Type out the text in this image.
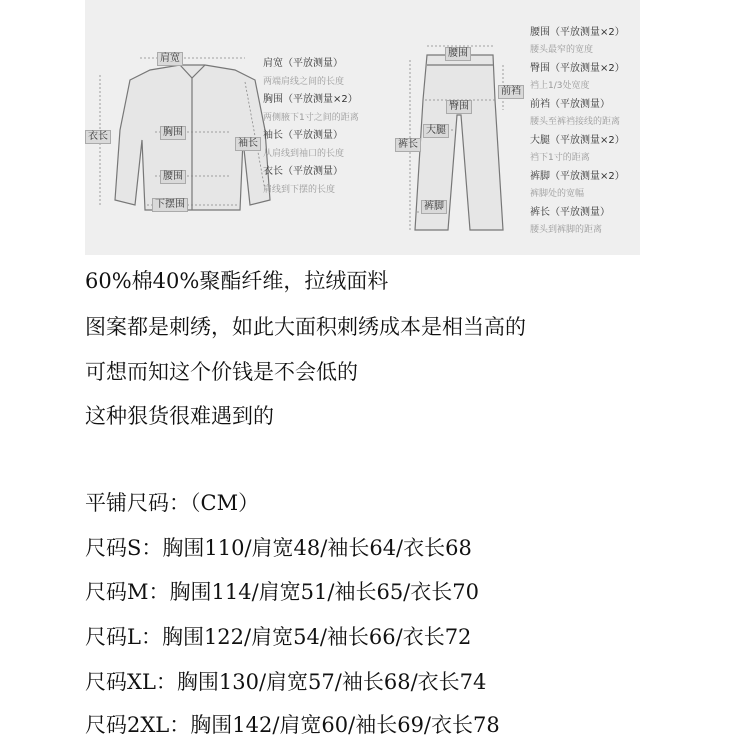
肩宽
衣长	胸围
袖长
腰围
下摆围
肩宽（平放测量）
两端肩线之间的长度
胸围（平放测量×2）
两侧腋下1寸之间的距离
袖长（平放测量）
从肩线到袖口的长度
衣长（平放测量）
肩线到下摆的长度
腰围
臀围
前裆
大腿
裤长
裤脚
腰围（平放测量×2）
腰头最窄的宽度
臀围（平放测量×2）
裆上1/3处宽度
前裆（平放测量）
腰头至裤裆接线的距离
大腿（平放测量×2）
裆下1寸的距离
裤脚（平放测量×2）
裤脚处的宽幅
裤长（平放测量）
腰头到裤脚的距离
60%棉40%聚酯纤维，拉绒面料
图案都是刺绣，如此大面积刺绣成本是相当高的
可想而知这个价钱是不会低的
这种狠货很难遇到的
平铺尺码：（CM）
尺码S：胸围110/肩宽48/袖长64/衣长68
尺码M：胸围114/肩宽51/袖长65/衣长70
尺码L：胸围122/肩宽54/袖长66/衣长72
尺码XL：胸围130/肩宽57/袖长68/衣长74
尺码2XL：胸围142/肩宽60/袖长69/衣长78
